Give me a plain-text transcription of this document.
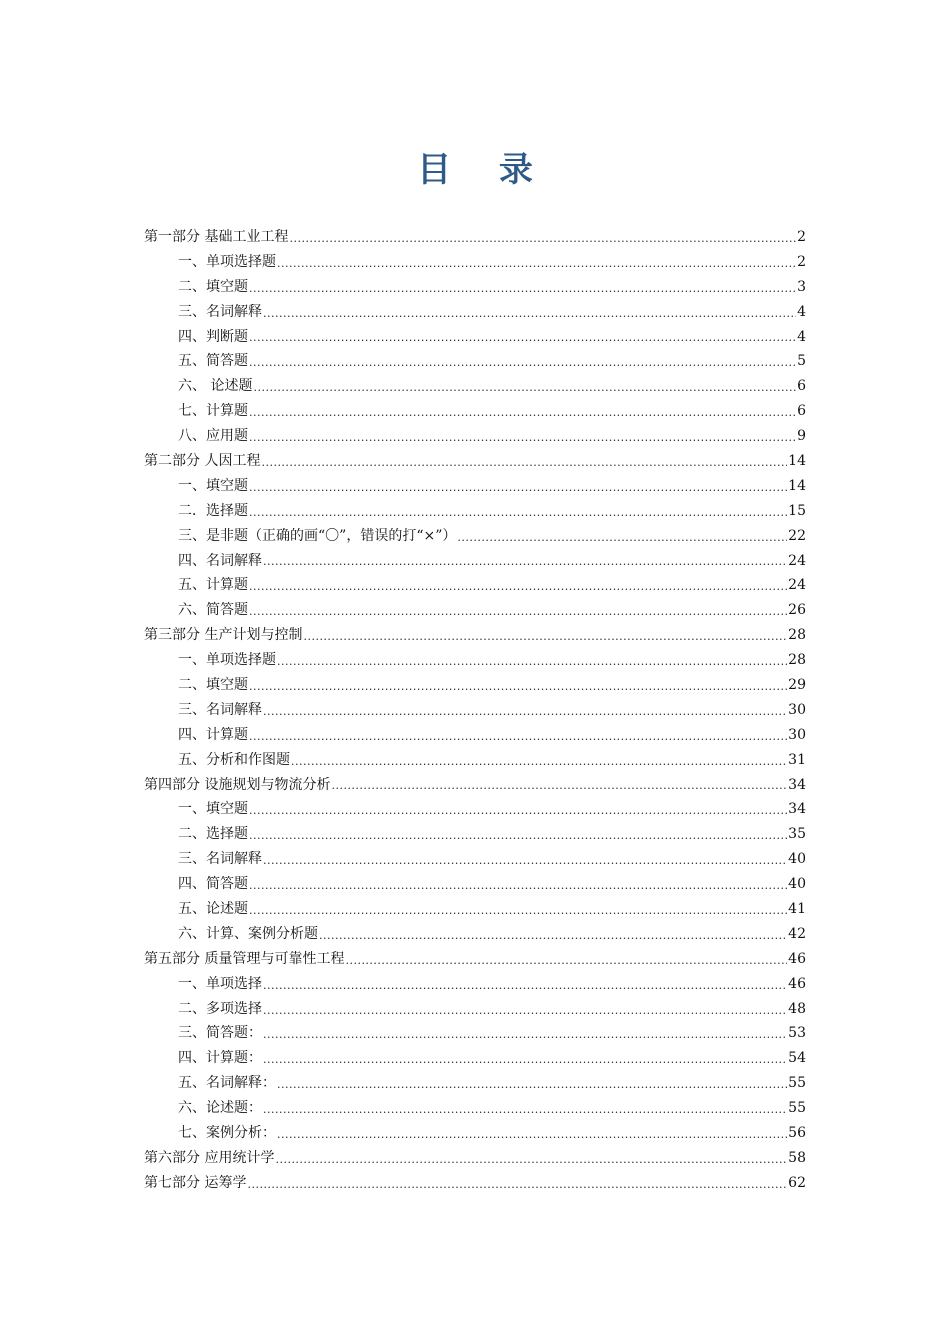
目 录
第一部分 基础工业工程 .....	2
一、单项选择题 .....	2
二、填空题 .....	3
三、名词解释 .....	4
四、判断题 .....	4
五、简答题 .....	5
六、 论述题 .....	6
七、计算题 .....	6
八、应用题 .....	9
第二部分 人因工程 .....	14
一、填空题 .....	14
二．选择题 .....	15
三、是非题（正确的画“〇”，错误的打“×”） .....	22
四、名词解释 .....	24
五、计算题 .....	24
六、简答题 .....	26
第三部分 生产计划与控制 .....	28
一、单项选择题 .....	28
二、填空题 .....	29
三、名词解释 .....	30
四、计算题 .....	30
五、分析和作图题 .....	31
第四部分 设施规划与物流分析 .....	34
一、填空题 .....	34
二、选择题 .....	35
三、名词解释 .....	40
四、简答题 .....	40
五、论述题 .....	41
六、计算、案例分析题 .....	42
第五部分 质量管理与可靠性工程 .....	46
一、单项选择 .....	46
二、多项选择 .....	48
三、简答题： .....	53
四、计算题： .....	54
五、名词解释： .....	55
六、论述题： .....	55
七、案例分析： .....	56
第六部分 应用统计学 .....	58
第七部分 运筹学 .....	62
